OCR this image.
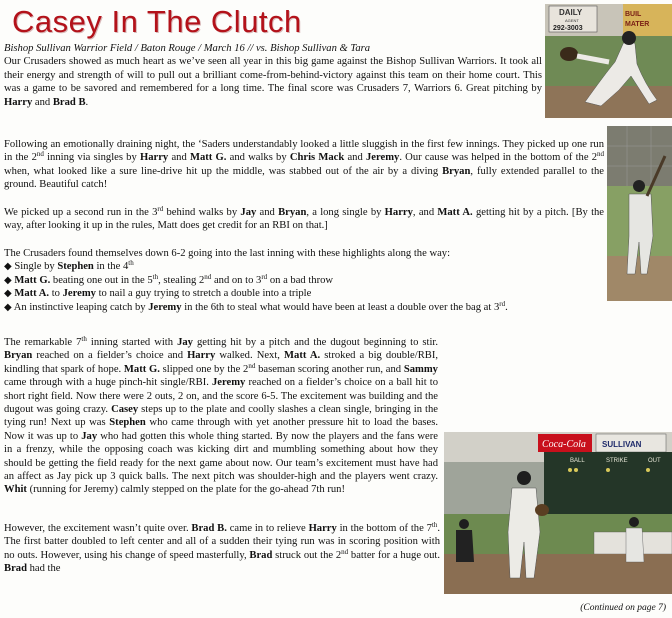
Casey In The Clutch	DAILY
AGENT
292-3003
BUIL
MATER
Coca-Cola SULLIVAN
BALL	STRIKE	OUT

Bishop Sullivan Warrior Field / Baton Rouge / March 16 // vs. Bishop Sullivan & Tara
Our Crusaders showed as much heart as we’ve seen all year in this big game against the Bishop Sullivan Warriors. It took all their energy and strength of will to pull out a brilliant come-from-behind-victory against this team on their home court. This was a game to be savored and remembered for a long time. The final score was Crusaders 7, Warriors 6. Great pitching by Harry and Brad B.

Following an emotionally draining night, the ‘Saders understandably looked a little sluggish in the first few innings. They picked up one run in the 2nd inning via singles by Harry and Matt G. and walks by Chris Mack and Jeremy. Our cause was helped in the bottom of the 2nd when, what looked like a sure line-drive hit up the middle, was stabbed out of the air by a diving Bryan, fully extended parallel to the ground. Beautiful catch!

We picked up a second run in the 3rd behind walks by Jay and Bryan, a long single by Harry, and Matt A. getting hit by a pitch. [By the way, after looking it up in the rules, Matt does get credit for an RBI on that.]

The Crusaders found themselves down 6-2 going into the last inning with these highlights along the way:
◆ Single by Stephen in the 4th
◆ Matt G. beating one out in the 5th, stealing 2nd and on to 3rd on a bad throw
◆ Matt A. to Jeremy to nail a guy trying to stretch a double into a triple
◆ An instinctive leaping catch by Jeremy in the 6th to steal what would have been at least a double over the bag at 3rd.

The remarkable 7th inning started with Jay getting hit by a pitch and the dugout beginning to stir. Bryan reached on a fielder’s choice and Harry walked. Next, Matt A. stroked a big double/RBI, kindling that spark of hope. Matt G. slipped one by the 2nd baseman scoring another run, and Sammy came through with a huge pinch-hit single/RBI. Jeremy reached on a fielder’s choice on a ball hit to short right field. Now there were 2 outs, 2 on, and the score 6-5. The excitement was building and the dugout was going crazy. Casey steps up to the plate and coolly slashes a clean single, bringing in the tying run! Next up was Stephen who came through with yet another pressure hit to load the bases. Now it was up to Jay who had gotten this whole thing started. By now the players and the fans were in a frenzy, while the opposing coach was kicking dirt and mumbling something about how they should be getting the field ready for the next game about now. Our team’s excitement must have had an affect as Jay pick up 3 quick balls. The next pitch was shoulder-high and the players went crazy. Whit (running for Jeremy) calmly stepped on the plate for the go-ahead 7th run!

However, the excitement wasn’t quite over. Brad B. came in to relieve Harry in the bottom of the 7th. The first batter doubled to left center and all of a sudden their tying run was in scoring position with no outs. However, using his change of speed masterfully, Brad struck out the 2nd batter for a huge out. Brad had the

(Continued on page 7)
